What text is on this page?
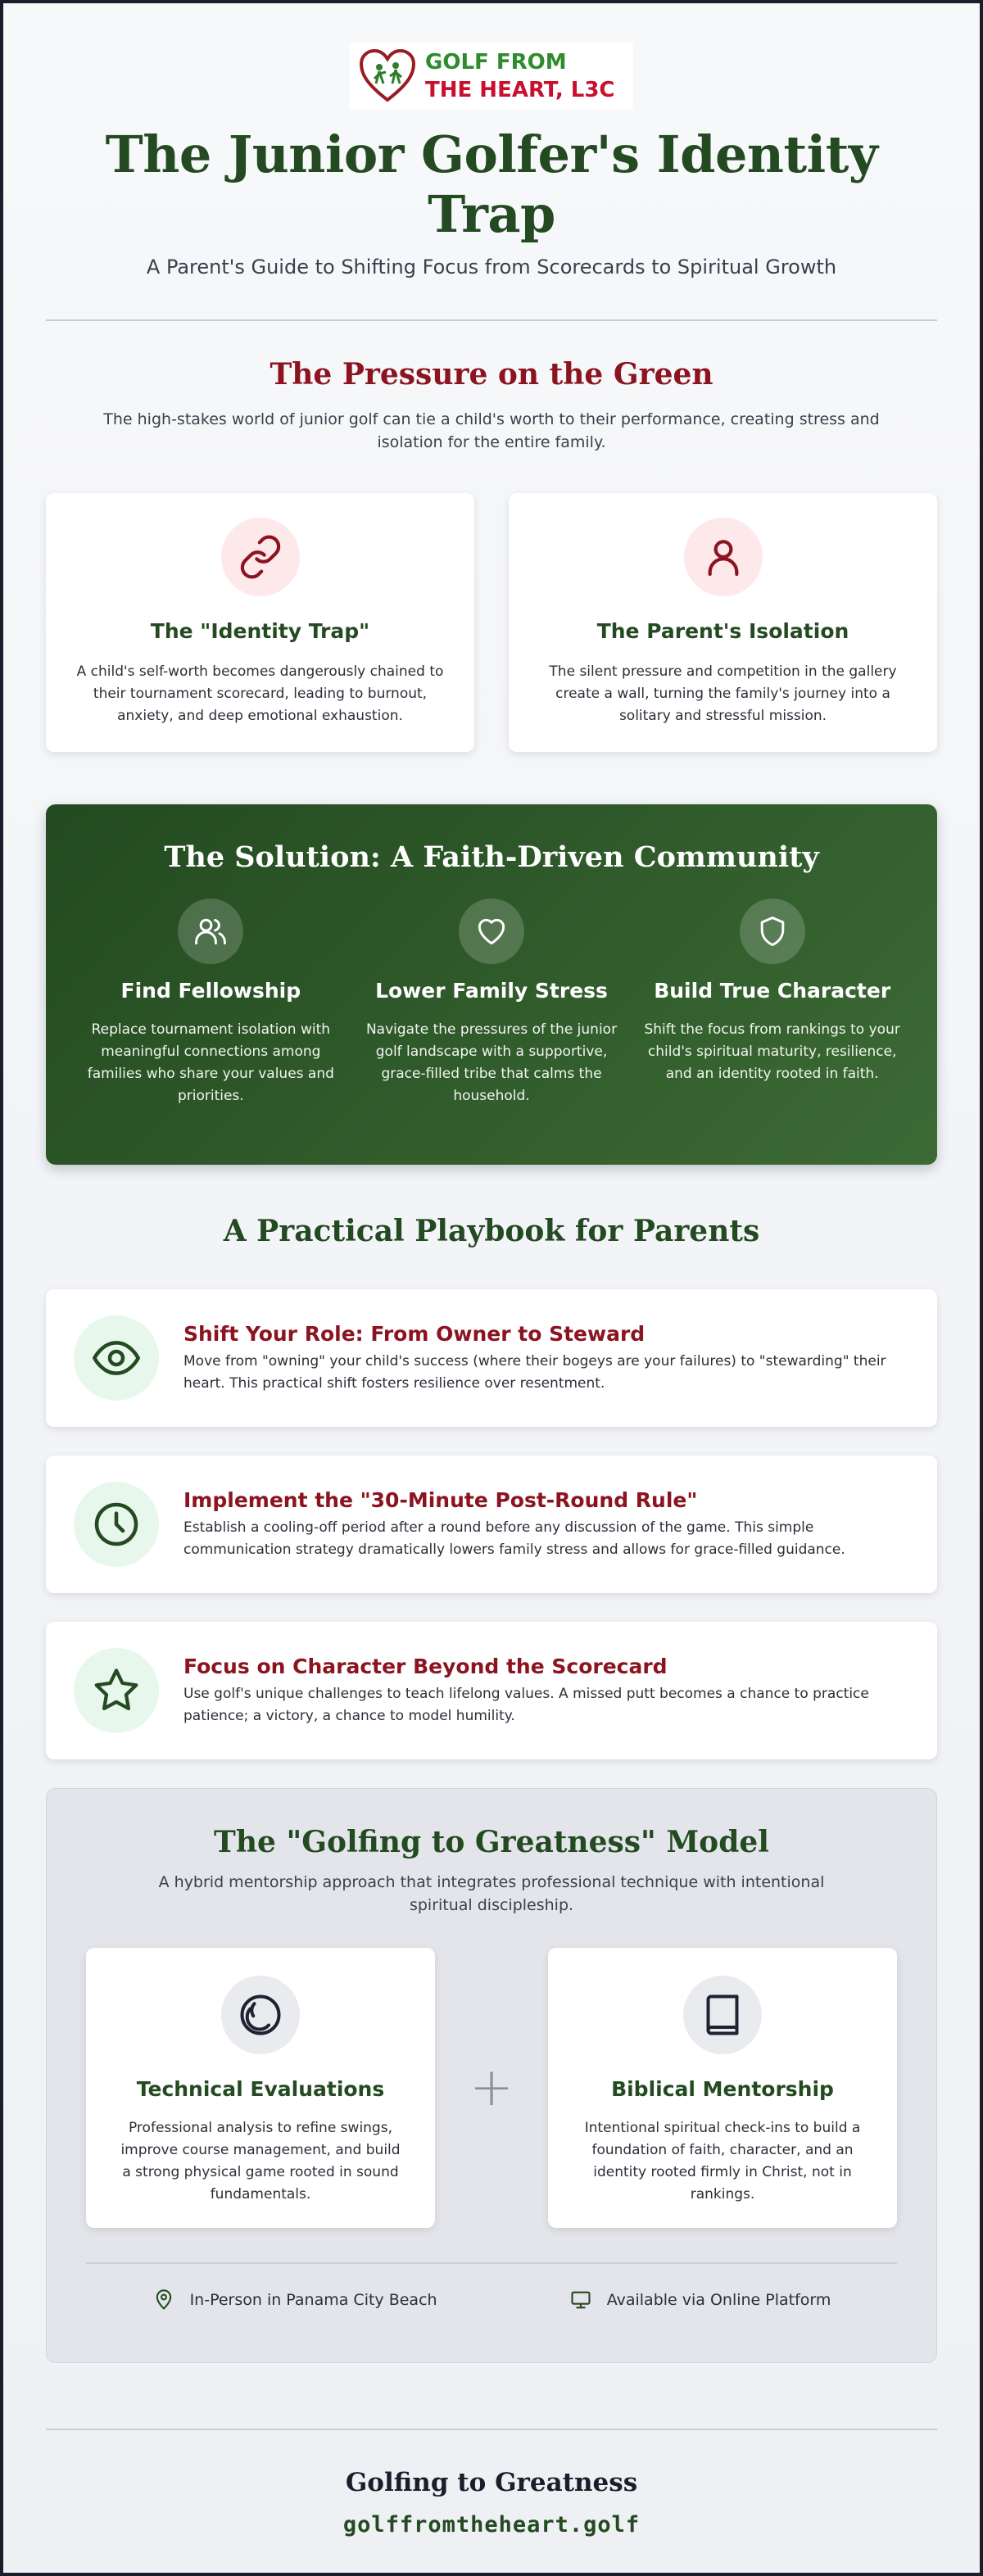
GOLF FROM
THE HEART, L3C
The Junior Golfer's Identity Trap
A Parent's Guide to Shifting Focus from Scorecards to Spiritual Growth
The Pressure on the Green

The high-stakes world of junior golf can tie a child's worth to their performance, creating stress and isolation for the entire family.

The "Identity Trap"

A child's self-worth becomes dangerously chained to their tournament scorecard, leading to burnout, anxiety, and deep emotional exhaustion.

The Parent's Isolation

The silent pressure and competition in the gallery create a wall, turning the family's journey into a solitary and stressful mission.

The Solution: A Faith-Driven Community
Find Fellowship

Replace tournament isolation with meaningful connections among families who share your values and priorities.

Lower Family Stress

Navigate the pressures of the junior golf landscape with a supportive, grace-filled tribe that calms the household.

Build True Character

Shift the focus from rankings to your child's spiritual maturity, resilience, and an identity rooted in faith.

A Practical Playbook for Parents
Shift Your Role: From Owner to Steward

Move from "owning" your child's success (where their bogeys are your failures) to "stewarding" their heart. This practical shift fosters resilience over resentment.

Implement the "30-Minute Post-Round Rule"

Establish a cooling-off period after a round before any discussion of the game. This simple communication strategy dramatically lowers family stress and allows for grace-filled guidance.

Focus on Character Beyond the Scorecard

Use golf's unique challenges to teach lifelong values. A missed putt becomes a chance to practice patience; a victory, a chance to model humility.

The "Golfing to Greatness" Model

A hybrid mentorship approach that integrates professional technique with intentional spiritual discipleship.

Technical Evaluations

Professional analysis to refine swings, improve course management, and build a strong physical game rooted in sound fundamentals.

+	Biblical Mentorship

Intentional spiritual check-ins to build a foundation of faith, character, and an identity rooted firmly in Christ, not in rankings.

In-Person in Panama City Beach	Available via Online Platform
Golfing to Greatness
golffromtheheart.golf
